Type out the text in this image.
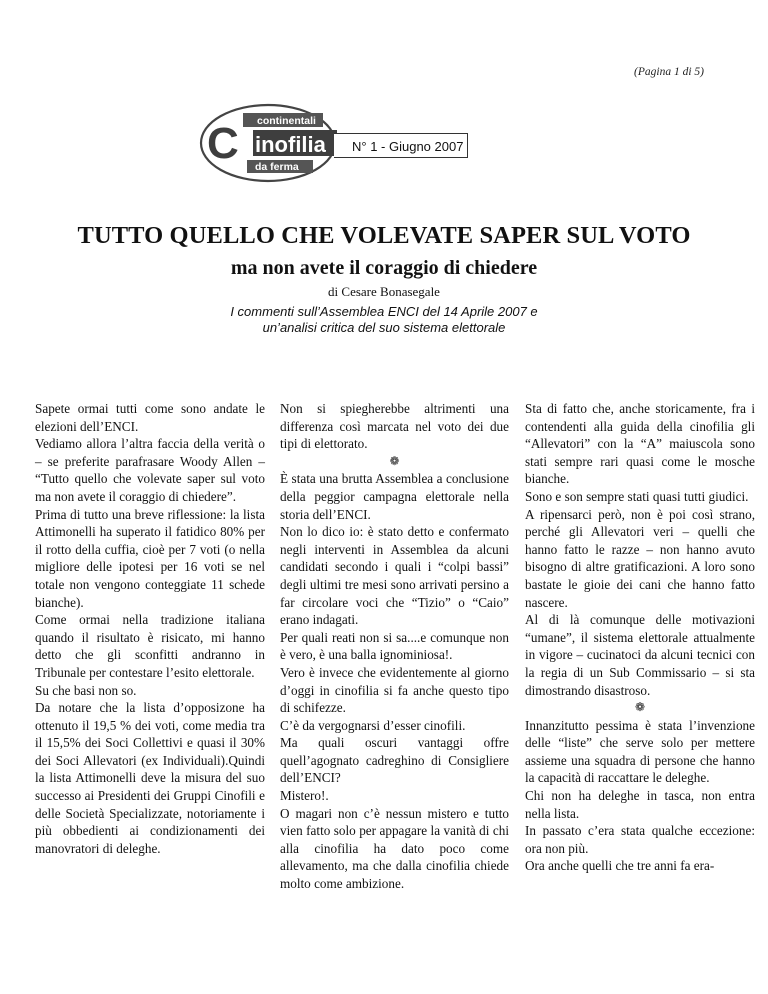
(Pagina 1 di 5)
continentali
C inofilia
da ferma
N° 1 - Giugno 2007
TUTTO QUELLO CHE VOLEVATE SAPER SUL VOTO
ma non avete il coraggio di chiedere
di Cesare Bonasegale
I commenti sull’Assemblea ENCI del 14 Aprile 2007 e
un’analisi critica del suo sistema elettorale

Sapete ormai tutti come sono andate le elezioni dell’ENCI.

Vediamo allora l’altra faccia della verità o – se preferite parafrasare Woody Allen – “Tutto quello che volevate saper sul voto ma non avete il coraggio di chiedere”.

Prima di tutto una breve riflessione: la lista Attimonelli ha superato il fatidico 80% per il rotto della cuffia, cioè per 7 voti (o nella migliore delle ipotesi per 16 voti se nel totale non vengono conteggiate 11 schede bianche).

Come ormai nella tradizione italiana quando il risultato è risicato, mi hanno detto che gli sconfitti andranno in Tribunale per contestare l’esito elettorale.

Su che basi non so.

Da notare che la lista d’opposizone ha ottenuto il 19,5 % dei voti, come media tra il 15,5% dei Soci Collettivi e quasi il 30% dei Soci Allevatori (ex Individuali).Quindi la lista Attimonelli deve la misura del suo successo ai Presidenti dei Gruppi Cinofili e delle Società Specializzate, notoriamente i più obbedienti ai condizionamenti dei manovratori di deleghe.

Non si spiegherebbe altrimenti una differenza così marcata nel voto dei due tipi di elettorato.

❁

È stata una brutta Assemblea a conclusione della peggior campagna elettorale nella storia dell’ENCI.

Non lo dico io: è stato detto e confermato negli interventi in Assemblea da alcuni candidati secondo i quali i “colpi bassi” degli ultimi tre mesi sono arrivati persino a far circolare voci che “Tizio” o “Caio” erano indagati.

Per quali reati non si sa....e comunque non è vero, è una balla ignominiosa!.

Vero è invece che evidentemente al giorno d’oggi in cinofilia si fa anche questo tipo di schifezze.

C’è da vergognarsi d’esser cinofili.

Ma quali oscuri vantaggi offre quell’agognato cadreghino di Consigliere dell’ENCI?

Mistero!.

O magari non c’è nessun mistero e tutto vien fatto solo per appagare la vanità di chi alla cinofilia ha dato poco come allevamento, ma che dalla cinofilia chiede molto come ambizione.

Sta di fatto che, anche storicamente, fra i contendenti alla guida della cinofilia gli “Allevatori” con la “A” maiuscola sono stati sempre rari quasi come le mosche bianche.

Sono e son sempre stati quasi tutti giudici.

A ripensarci però, non è poi così strano, perché gli Allevatori veri – quelli che hanno fatto le razze – non hanno avuto bisogno di altre gratificazioni. A loro sono bastate le gioie dei cani che hanno fatto nascere.

Al di là comunque delle motivazioni “umane”, il sistema elettorale attualmente in vigore – cucinatoci da alcuni tecnici con la regia di un Sub Commissario – si sta dimostrando disastroso.

❁

Innanzitutto pessima è stata l’invenzione delle “liste” che serve solo per mettere assieme una squadra di persone che hanno la capacità di raccattare le deleghe.

Chi non ha deleghe in tasca, non entra nella lista.

In passato c’era stata qualche eccezione: ora non più.

Ora anche quelli che tre anni fa era-
